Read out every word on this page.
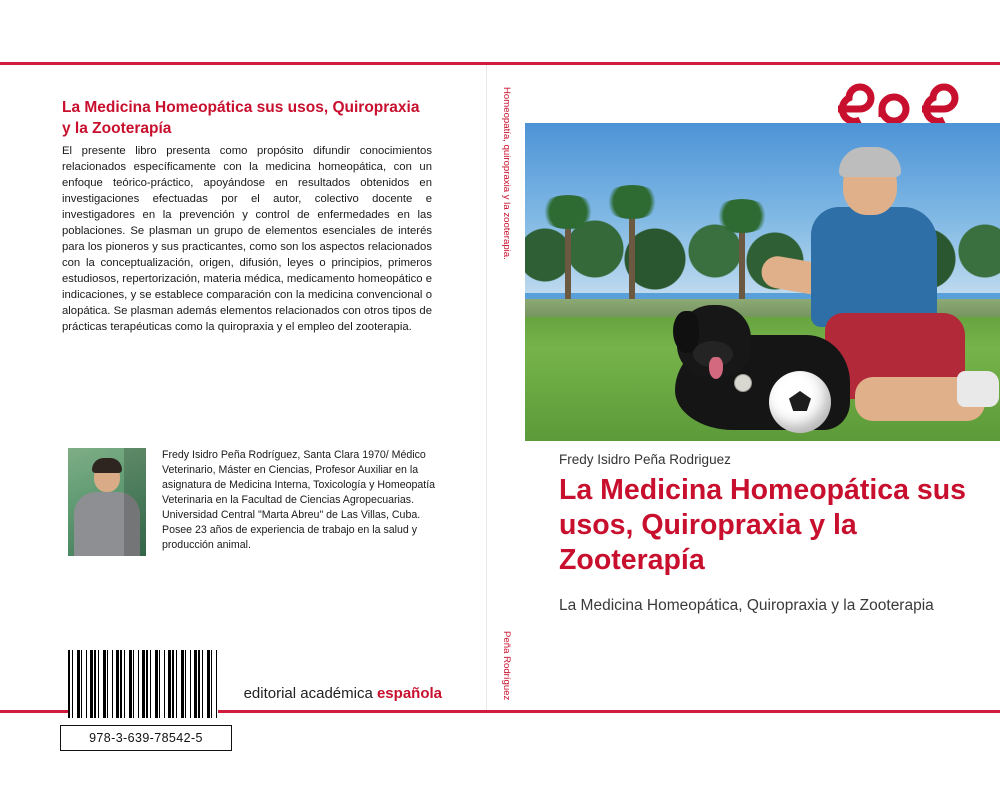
La Medicina Homeopática sus usos, Quiropraxia y la Zooterapía
El presente libro presenta como propósito difundir conocimientos relacionados específicamente con la medicina homeopática, con un enfoque teórico-práctico, apoyándose en resultados obtenidos en investigaciones efectuadas por el autor, colectivo docente e investigadores en la prevención y control de enfermedades en las poblaciones. Se plasman un grupo de elementos esenciales de interés para los pioneros y sus practicantes, como son los aspectos relacionados con la conceptualización, origen, difusión, leyes o principios, primeros estudiosos, repertorización, materia médica, medicamento homeopático e indicaciones, y se establece comparación con la medicina convencional o alopática. Se plasman además elementos relacionados con otros tipos de prácticas terapéuticas como la quiropraxia y el empleo del zooterapia.
Fredy Isidro Peña Rodríguez, Santa Clara 1970/ Médico Veterinario, Máster en Ciencias, Profesor Auxiliar en la asignatura de Medicina Interna, Toxicología y Homeopatía Veterinaria en la Facultad de Ciencias Agropecuarias. Universidad Central "Marta Abreu" de Las Villas, Cuba. Posee 23 años de experiencia de trabajo en la salud y producción animal.
978-3-639-78542-5
editorial académica española
Homeopatía, quiropraxia y la zooterapia.
Peña Rodríguez
Fredy Isidro Peña Rodriguez
La Medicina Homeopática sus usos, Quiropraxia y la Zooterapía
La Medicina Homeopática, Quiropraxia y la Zooterapia
